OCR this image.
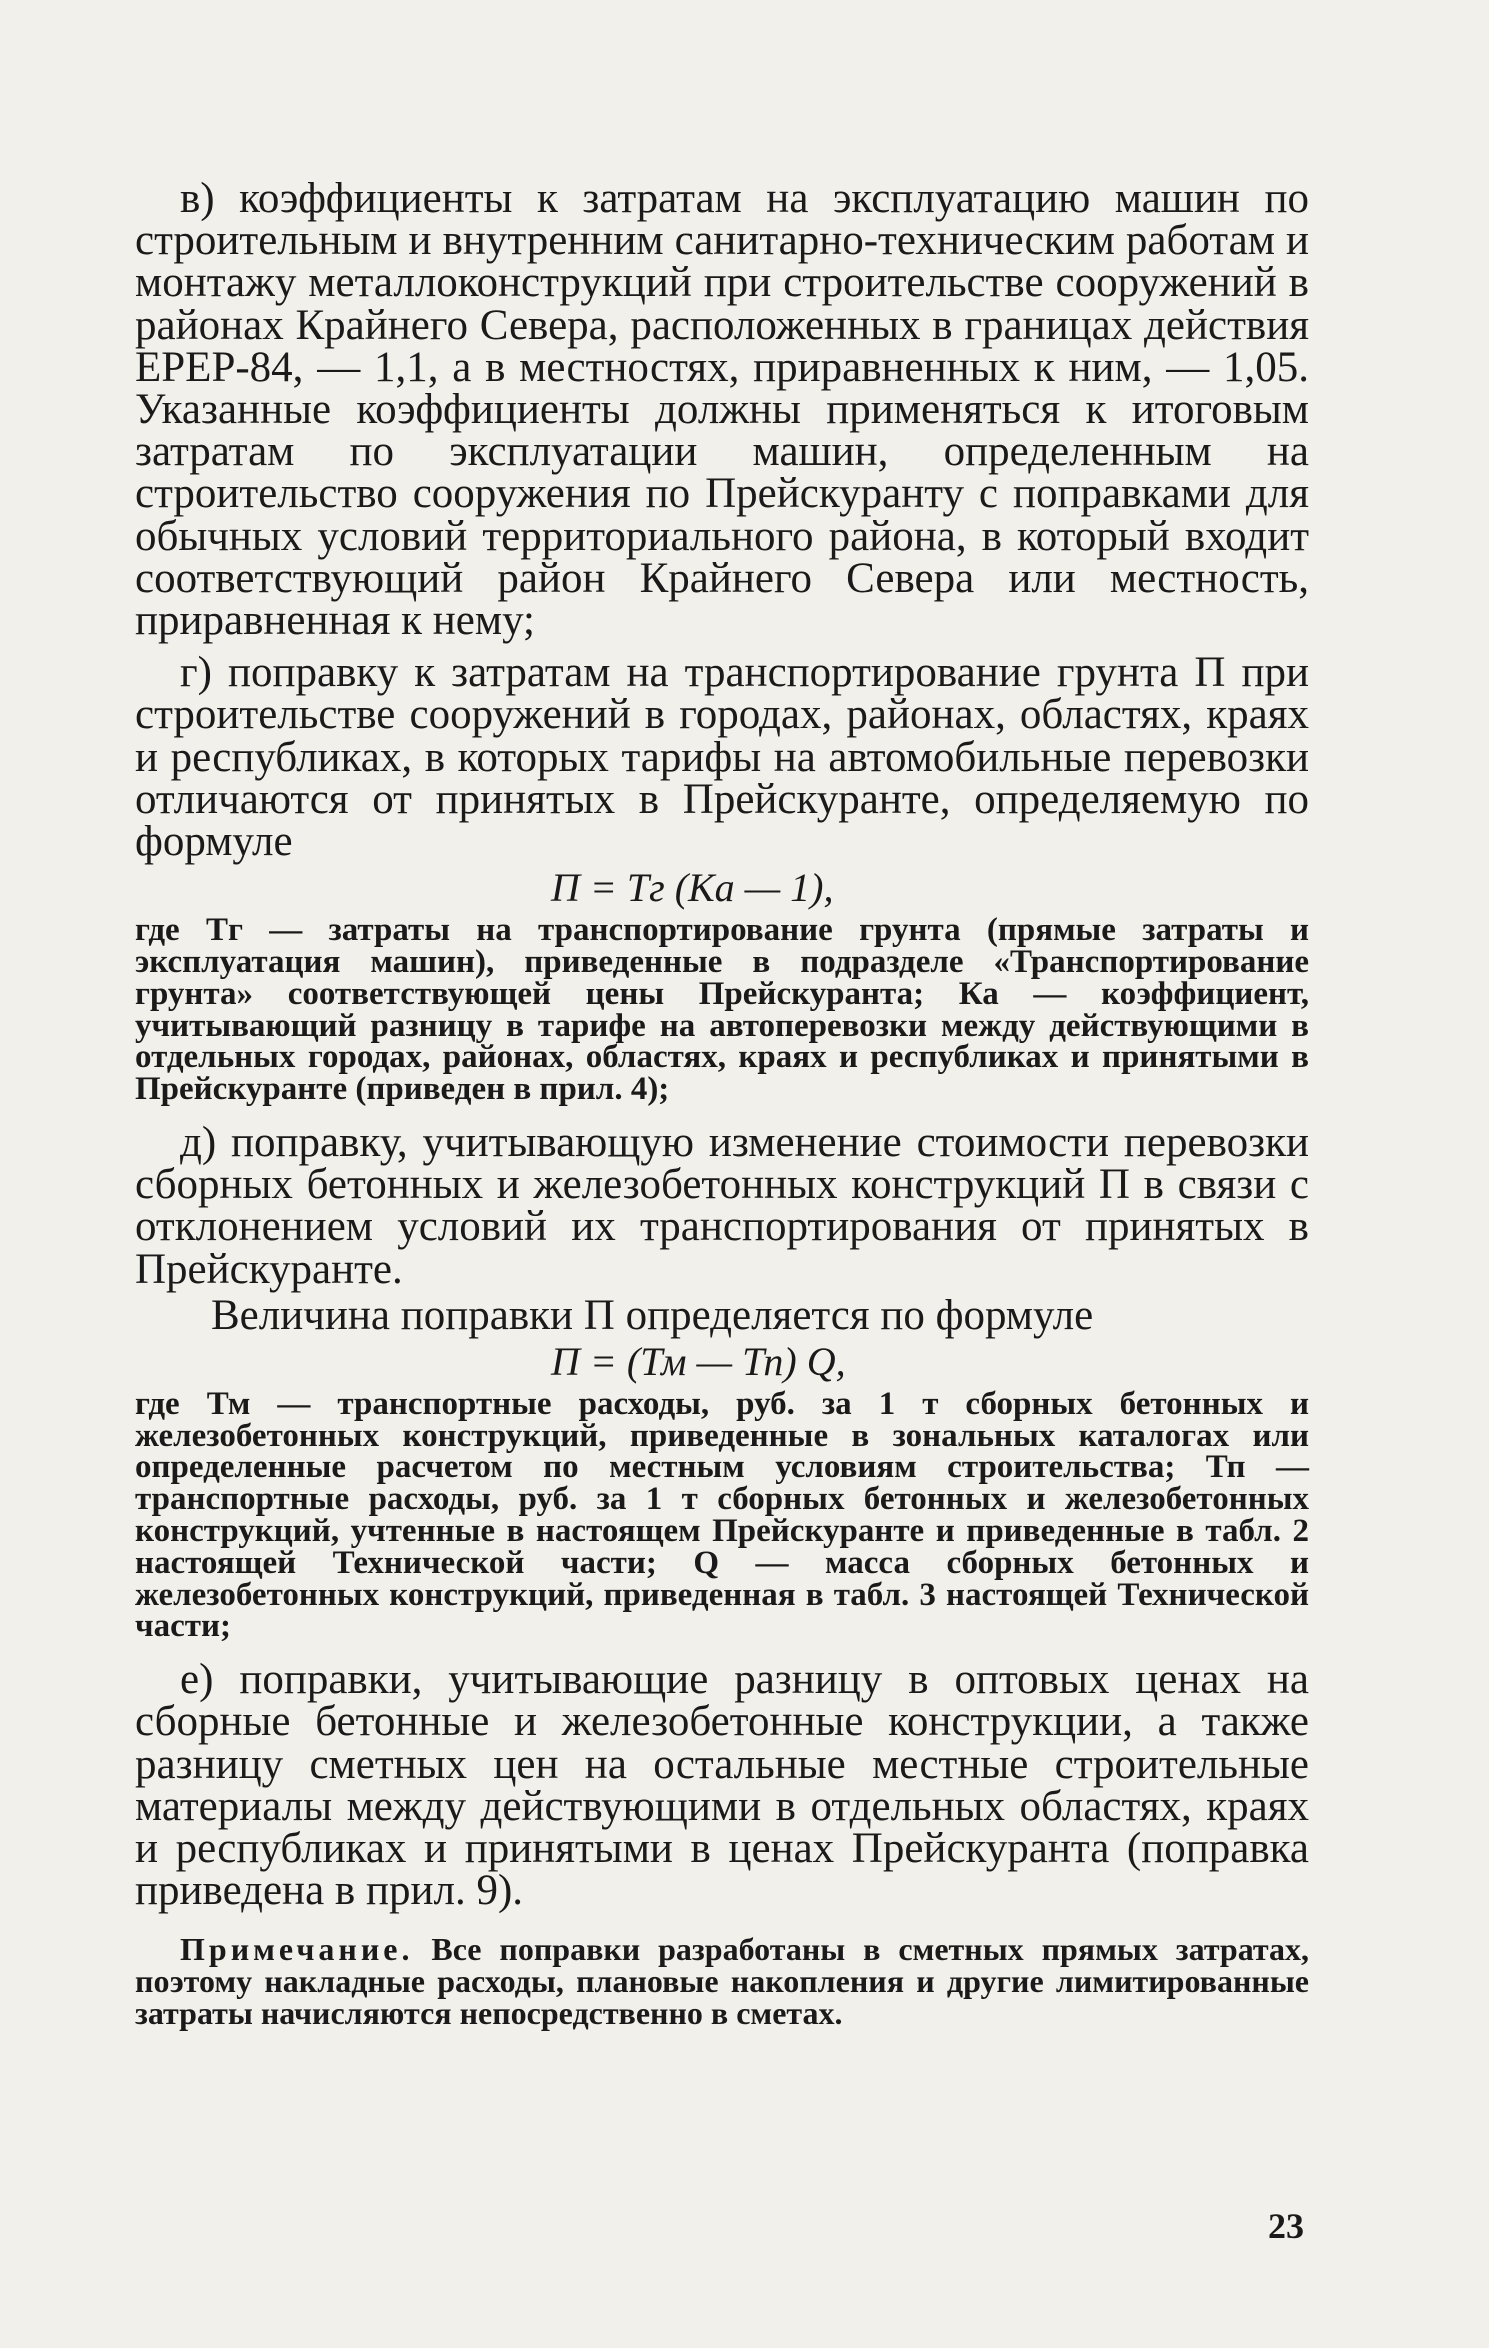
в) коэффициенты к затратам на эксплуатацию машин по строительным и внутренним санитарно-техническим работам и монтажу металлоконструкций при строительстве сооружений в районах Крайнего Севера, расположенных в границах действия ЕРЕР-84, — 1,1, а в местностях, приравненных к ним, — 1,05. Указанные коэффициенты должны применяться к итоговым затратам по эксплуатации машин, определенным на строительство сооружения по Прейскуранту с поправками для обычных условий территориального района, в который входит соответствующий район Крайнего Севера или местность, приравненная к нему;

г) поправку к затратам на транспортирование грунта П при строительстве сооружений в городах, районах, областях, краях и республиках, в которых тарифы на автомобильные перевозки отличаются от принятых в Прейскуранте, определяемую по формуле

П = Тг (Ка — 1),

где Тг — затраты на транспортирование грунта (прямые затраты и эксплуатация машин), приведенные в подразделе «Транспортирование грунта» соответствующей цены Прейскуранта; Ка — коэффициент, учитывающий разницу в тарифе на автоперевозки между действующими в отдельных городах, районах, областях, краях и республиках и принятыми в Прейскуранте (приведен в прил. 4);

д) поправку, учитывающую изменение стоимости перевозки сборных бетонных и железобетонных конструкций П в связи с отклонением условий их транспортирования от принятых в Прейскуранте.

Величина поправки П определяется по формуле

П = (Тм — Тп) Q,

где Тм — транспортные расходы, руб. за 1 т сборных бетонных и железобетонных конструкций, приведенные в зональных каталогах или определенные расчетом по местным условиям строительства; Тп — транспортные расходы, руб. за 1 т сборных бетонных и железобетонных конструкций, учтенные в настоящем Прейскуранте и приведенные в табл. 2 настоящей Технической части; Q — масса сборных бетонных и железобетонных конструкций, приведенная в табл. 3 настоящей Технической части;

е) поправки, учитывающие разницу в оптовых ценах на сборные бетонные и железобетонные конструкции, а также разницу сметных цен на остальные местные строительные материалы между действующими в отдельных областях, краях и республиках и принятыми в ценах Прейскуранта (поправка приведена в прил. 9).

Примечание. Все поправки разработаны в сметных прямых затратах, поэтому накладные расходы, плановые накопления и другие лимитированные затраты начисляются непосредственно в сметах.

23
